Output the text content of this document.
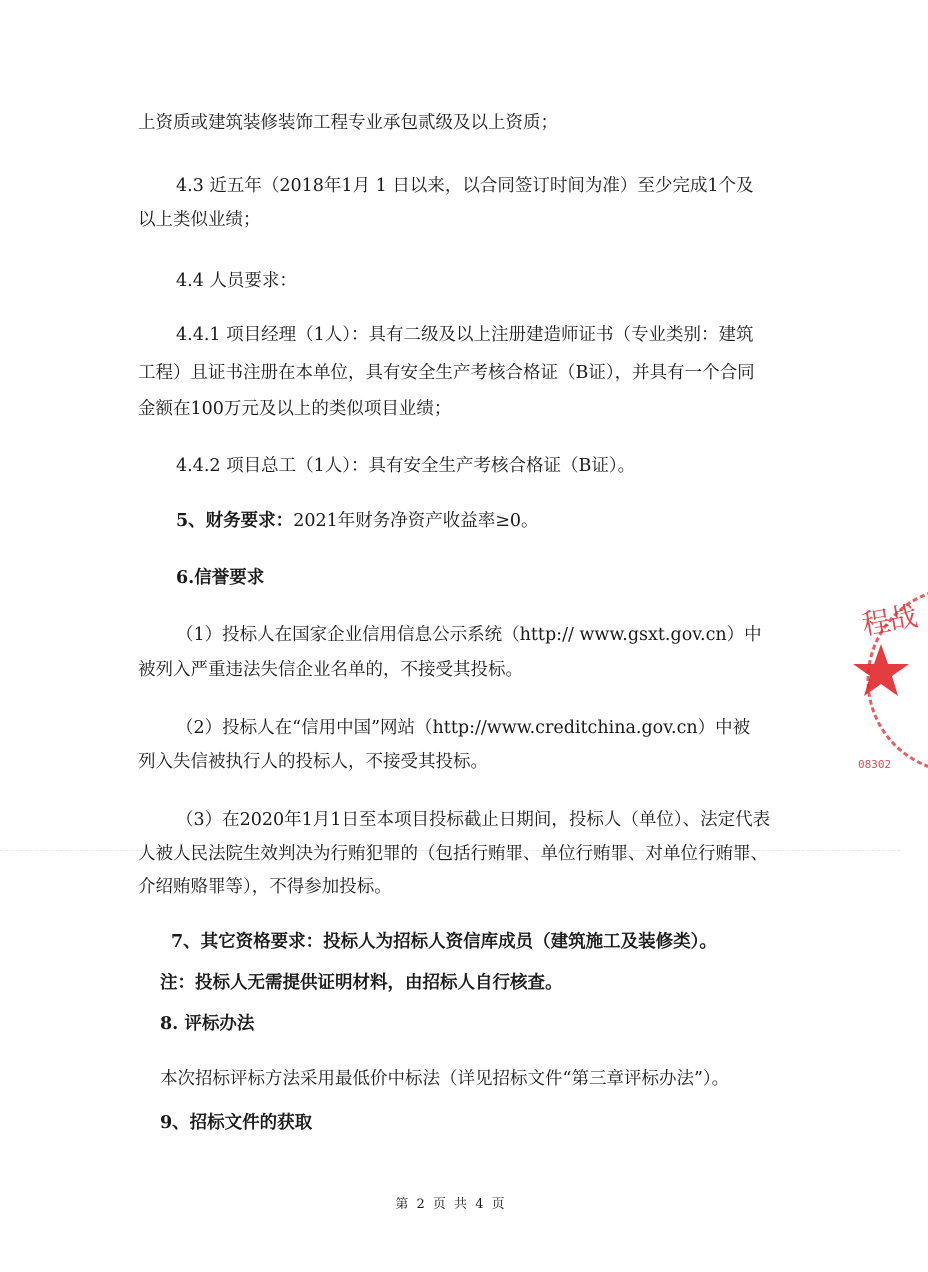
上资质或建筑装修装饰工程专业承包贰级及以上资质；
4.3 近五年（2018年1月 1 日以来，以合同签订时间为准）至少完成1个及
以上类似业绩；
4.4 人员要求：
4.4.1 项目经理（1人）：具有二级及以上注册建造师证书（专业类别：建筑
工程）且证书注册在本单位，具有安全生产考核合格证（B证），并具有一个合同
金额在100万元及以上的类似项目业绩；
4.4.2 项目总工（1人）：具有安全生产考核合格证（B证）。
5、财务要求：2021年财务净资产收益率≥0。
6.信誉要求
（1）投标人在国家企业信用信息公示系统（http:// www.gsxt.gov.cn）中
被列入严重违法失信企业名单的，不接受其投标。
（2）投标人在“信用中国”网站（http://www.creditchina.gov.cn）中被
列入失信被执行人的投标人，不接受其投标。
（3）在2020年1月1日至本项目投标截止日期间，投标人（单位）、法定代表
人被人民法院生效判决为行贿犯罪的（包括行贿罪、单位行贿罪、对单位行贿罪、
介绍贿赂罪等），不得参加投标。
7、其它资格要求：投标人为招标人资信库成员（建筑施工及装修类）。
注：投标人无需提供证明材料，由招标人自行核查。
8. 评标办法
本次招标评标方法采用最低价中标法（详见招标文件“第三章评标办法”）。
9、招标文件的获取
第 2 页 共 4 页
程战
08302
